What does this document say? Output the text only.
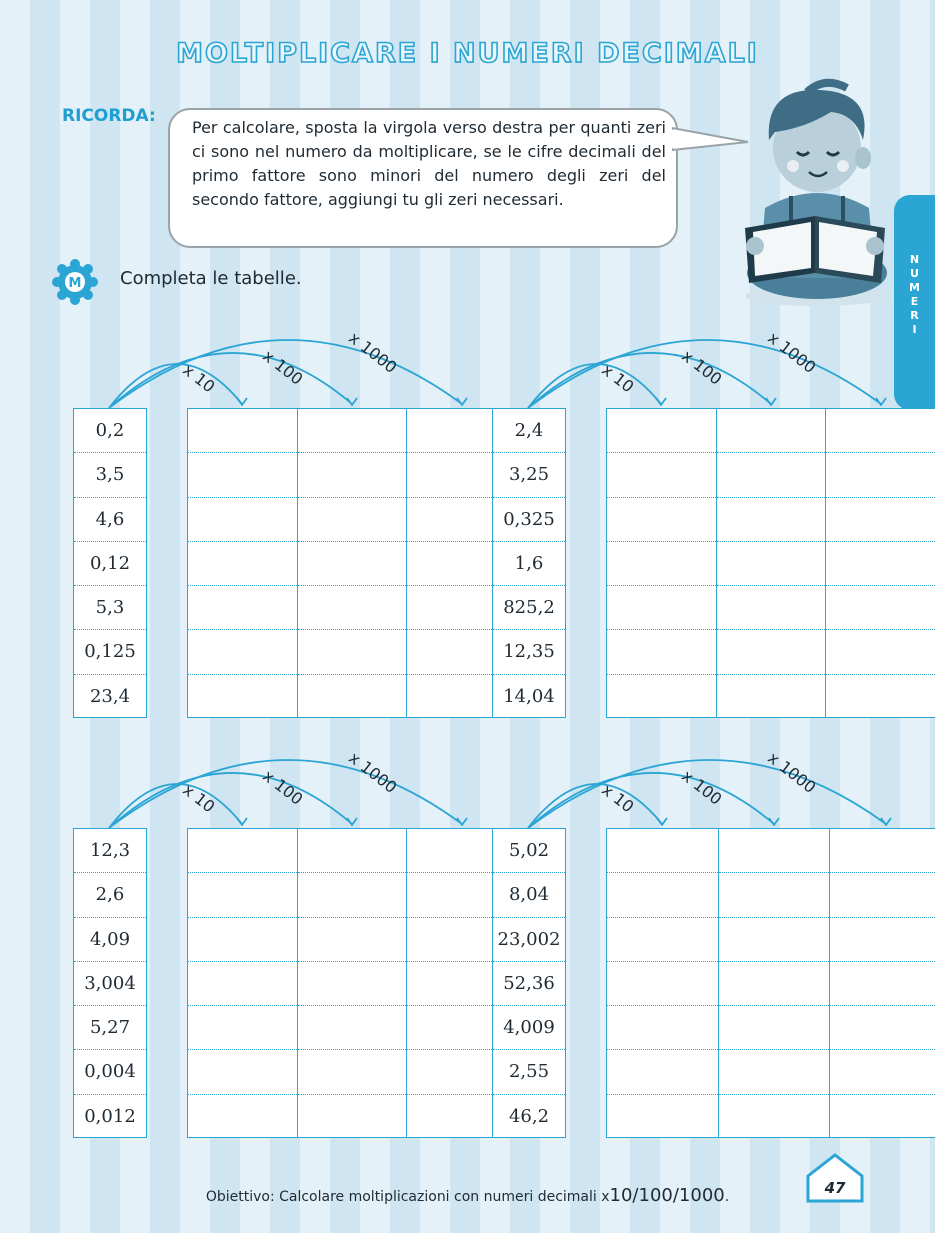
MOLTIPLICARE I NUMERI DECIMALI
RICORDA:
Per calcolare, sposta la virgola verso destra per quanti zeri ci sono nel numero da moltiplicare, se le cifre decimali del primo fattore sono minori del numero degli zeri del secondo fattore, aggiungi tu gli zeri necessari.
N
U
M
E
R
I
M Completa le tabelle.
x 10	x 100 x 1000
0,2
3,5
4,6
0,12
5,3
0,125
23,4
x 10	x 100 x 1000
2,4
3,25
0,325
1,6
825,2
12,35
14,04
x 10	x 100 x 1000
12,3
2,6
4,09
3,004
5,27
0,004
0,012
x 10	x 100 x 1000
5,02
8,04
23,002
52,36
4,009
2,55
46,2
Obiettivo: Calcolare moltiplicazioni con numeri decimali x10/100/1000.	47
